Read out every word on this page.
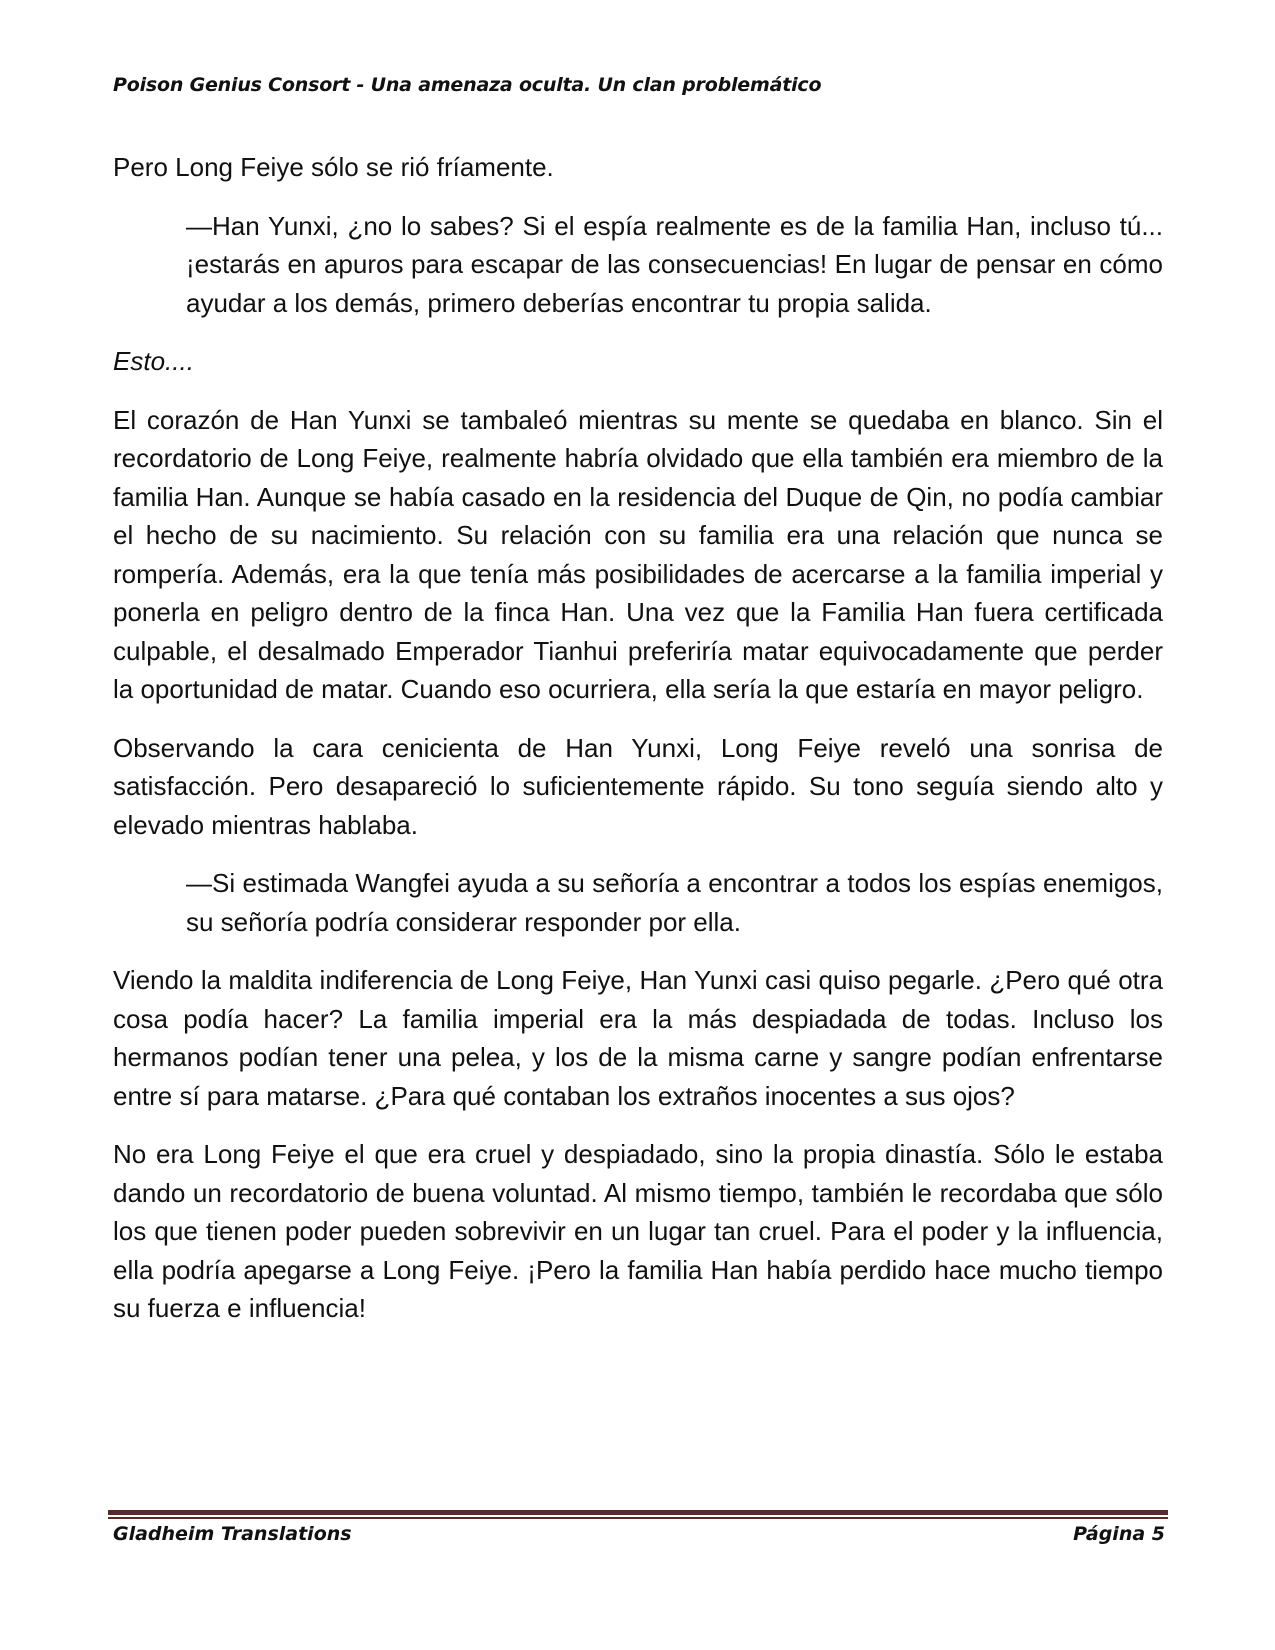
Poison Genius Consort - Una amenaza oculta. Un clan problemático

Pero Long Feiye sólo se rió fríamente.

—Han Yunxi, ¿no lo sabes? Si el espía realmente es de la familia Han, incluso tú... ¡estarás en apuros para escapar de las consecuencias! En lugar de pensar en cómo ayudar a los demás, primero deberías encontrar tu propia salida.

Esto....

El corazón de Han Yunxi se tambaleó mientras su mente se quedaba en blanco. Sin el recordatorio de Long Feiye, realmente habría olvidado que ella también era miembro de la familia Han. Aunque se había casado en la residencia del Duque de Qin, no podía cambiar el hecho de su nacimiento. Su relación con su familia era una relación que nunca se rompería. Además, era la que tenía más posibilidades de acercarse a la familia imperial y ponerla en peligro dentro de la finca Han. Una vez que la Familia Han fuera certificada culpable, el desalmado Emperador Tianhui preferiría matar equivocadamente que perder la oportunidad de matar. Cuando eso ocurriera, ella sería la que estaría en mayor peligro.

Observando la cara cenicienta de Han Yunxi, Long Feiye reveló una sonrisa de satisfacción. Pero desapareció lo suficientemente rápido. Su tono seguía siendo alto y elevado mientras hablaba.

—Si estimada Wangfei ayuda a su señoría a encontrar a todos los espías enemigos, su señoría podría considerar responder por ella.

Viendo la maldita indiferencia de Long Feiye, Han Yunxi casi quiso pegarle. ¿Pero qué otra cosa podía hacer? La familia imperial era la más despiadada de todas. Incluso los hermanos podían tener una pelea, y los de la misma carne y sangre podían enfrentarse entre sí para matarse. ¿Para qué contaban los extraños inocentes a sus ojos?

No era Long Feiye el que era cruel y despiadado, sino la propia dinastía. Sólo le estaba dando un recordatorio de buena voluntad. Al mismo tiempo, también le recordaba que sólo los que tienen poder pueden sobrevivir en un lugar tan cruel. Para el poder y la influencia, ella podría apegarse a Long Feiye. ¡Pero la familia Han había perdido hace mucho tiempo su fuerza e influencia!

Gladheim Translations	Página 5
